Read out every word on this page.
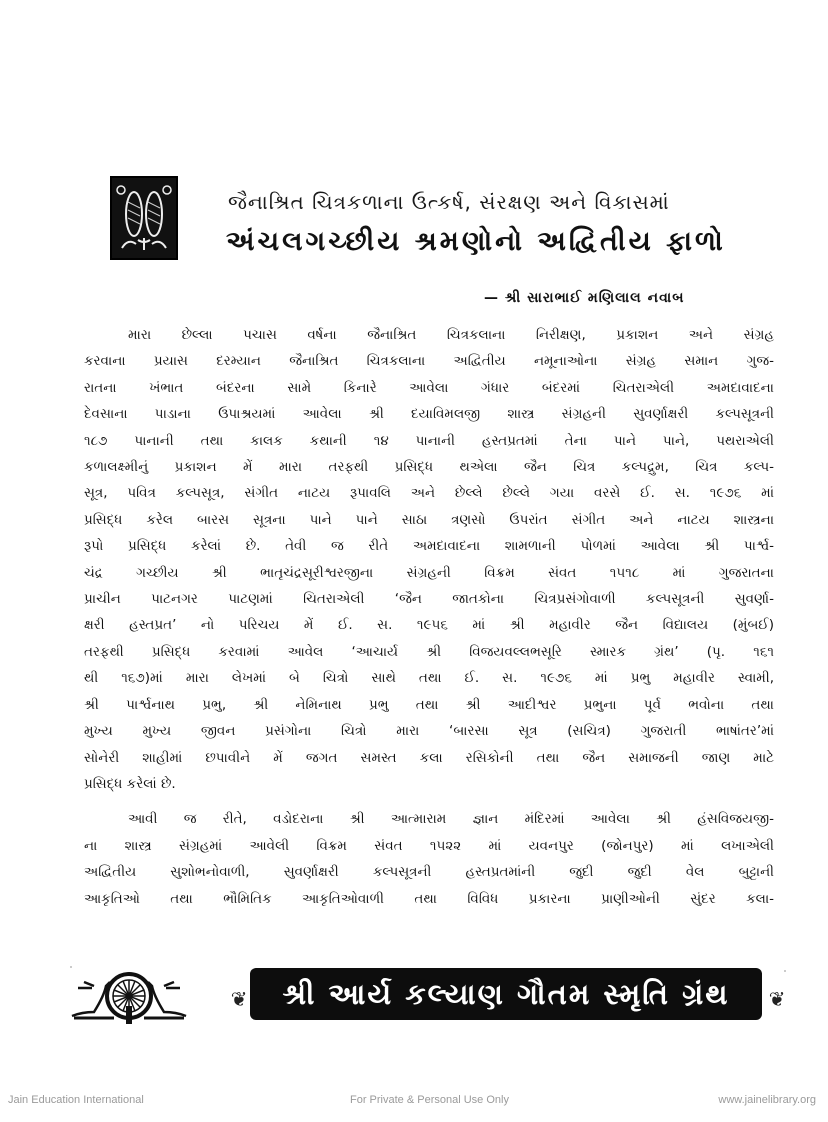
જૈનાશ્રિત ચિત્રકળાના ઉત્કર્ષ, સંરક્ષણ અને વિકાસમાં
અંચલગચ્છીય શ્રમણોનો અદ્વિતીય ફાળો
— શ્રી સારાભાઈ મણિલાલ નવાબ
મારા છેલ્લા પચાસ વર્ષના જૈનાશ્રિત ચિત્રકલાના નિરીક્ષણ, પ્રકાશન અને સંગ્રહ
કરવાના પ્રયાસ દરમ્યાન જૈનાશ્રિત ચિત્રકલાના અદ્વિતીય નમૂનાઓના સંગ્રહ સમાન ગુજ-
રાતના ખંભાત બંદરના સામે કિનારે આવેલા ગંધાર બંદરમાં ચિતરાએલી અમદાવાદના
દેવસાના પાડાના ઉપાશ્રયમાં આવેલા શ્રી દયાવિમલજી શાસ્ત્ર સંગ્રહની સુવર્ણાક્ષરી કલ્પસૂત્રની
૧૮૭ પાનાની તથા કાલક કથાની ૧૪ પાનાની હસ્તપ્રતમાં તેના પાને પાને, પથરાએલી
કળાલક્ષ્મીનું પ્રકાશન મેં મારા તરફથી પ્રસિદ્ધ થએલા જૈન ચિત્ર કલ્પદ્રુમ, ચિત્ર કલ્પ-
સૂત્ર, પવિત્ર કલ્પસૂત્ર, સંગીત નાટય રૂપાવલિ અને છેલ્લે છેલ્લે ગયા વરસે ઈ. સ. ૧૯૭૬ માં
પ્રસિદ્ધ કરેલ બારસ સૂત્રના પાને પાને સાઠા ત્રણસો ઉપરાંત સંગીત અને નાટય શાસ્ત્રના
રૂપો પ્રસિદ્ધ કરેલાં છે. તેવી જ રીતે અમદાવાદના શામળાની પોળમાં આવેલા શ્રી પાર્શ્વ-
ચંદ્ર ગચ્છીય શ્રી ભાતૃચંદ્રસૂરીશ્વરજીના સંગ્રહની વિક્રમ સંવત ૧૫૧૮ માં ગુજરાતના
પ્રાચીન પાટનગર પાટણમાં ચિતરાએલી ‘જૈન જાતકોના ચિત્રપ્રસંગોવાળી કલ્પસૂત્રની સુવર્ણા-
ક્ષરી હસ્તપ્રત’ નો પરિચય મેં ઈ. સ. ૧૯૫૬ માં શ્રી મહાવીર જૈન વિદ્યાલય (મુંબઈ)
તરફથી પ્રસિદ્ધ કરવામાં આવેલ ‘આચાર્ય શ્રી વિજયવલ્લભસૂરિ સ્મારક ગ્રંથ’ (પૃ. ૧૬૧
થી ૧૬૭)માં મારા લેખમાં બે ચિત્રો સાથે તથા ઈ. સ. ૧૯૭૬ માં પ્રભુ મહાવીર સ્વામી,
શ્રી પાર્શ્વનાથ પ્રભુ, શ્રી નેમિનાથ પ્રભુ તથા શ્રી આદીશ્વર પ્રભુના પૂર્વ ભવોના તથા
મુખ્ય મુખ્ય જીવન પ્રસંગોના ચિત્રો મારા ‘બારસા સૂત્ર (સચિત્ર) ગુજરાતી ભાષાંતર’માં
સોનેરી શાહીમાં છપાવીને મેં જગત સમસ્ત કલા રસિકોની તથા જૈન સમાજની જાણ માટે
પ્રસિદ્ધ કરેલાં છે.
આવી જ રીતે, વડોદરાના શ્રી આત્મારામ જ્ઞાન મંદિરમાં આવેલા શ્રી હંસવિજયજી-
ના શાસ્ત્ર સંગ્રહમાં આવેલી વિક્રમ સંવત ૧૫૨૨ માં યવનપુર (જોનપુર) માં લખાએલી
અદ્વિતીય સુશોભનોવાળી, સુવર્ણાક્ષરી કલ્પસૂત્રની હસ્તપ્રતમાંની જુદી જુદી વેલ બુટ્ટાની
આકૃતિઓ તથા ભૌમિતિક આકૃતિઓવાળી તથા વિવિધ પ્રકારના પ્રાણીઓની સુંદર કલા-
❦	શ્રી આર્ય કલ્યાણ ગૌતમ સ્મૃતિ ગ્રંથ	❦
Jain Education International	For Private & Personal Use Only	www.jainelibrary.org
